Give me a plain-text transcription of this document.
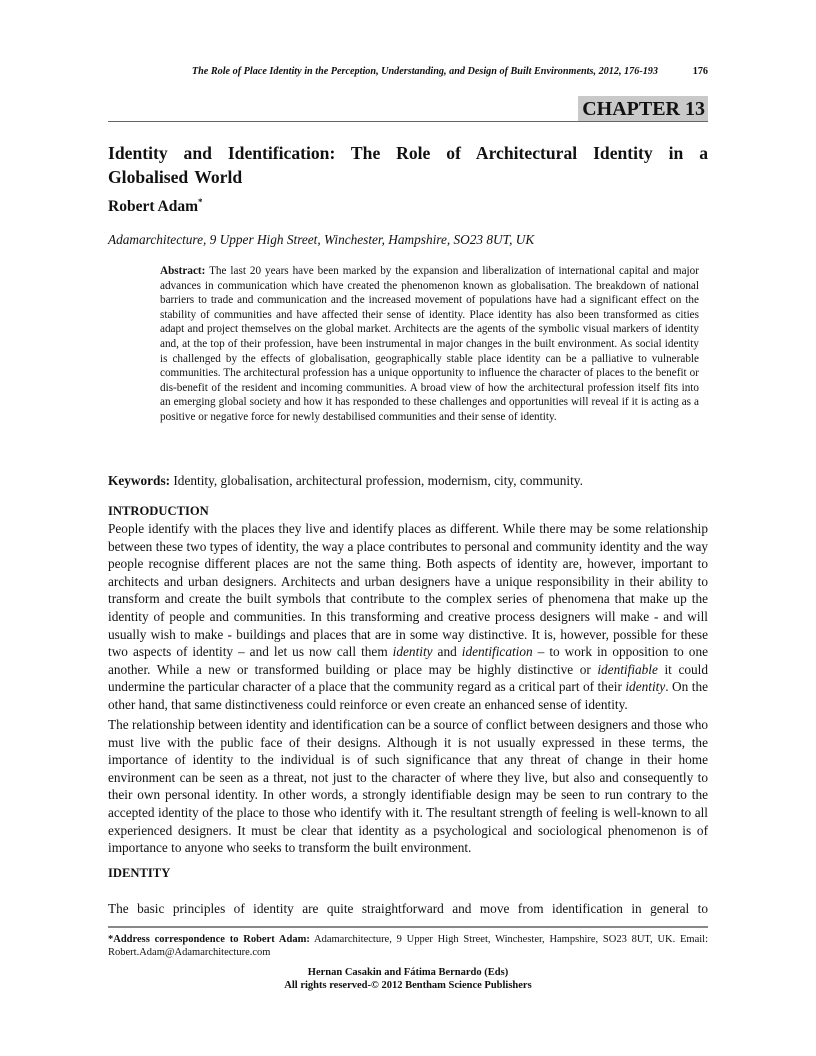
The Role of Place Identity in the Perception, Understanding, and Design of Built Environments, 2012, 176-193	176
CHAPTER 13
Identity and Identification: The Role of Architectural Identity in a Globalised World
Robert Adam*
Adamarchitecture, 9 Upper High Street, Winchester, Hampshire, SO23 8UT, UK
Abstract: The last 20 years have been marked by the expansion and liberalization of international capital and major advances in communication which have created the phenomenon known as globalisation. The breakdown of national barriers to trade and communication and the increased movement of populations have had a significant effect on the stability of communities and have affected their sense of identity. Place identity has also been transformed as cities adapt and project themselves on the global market. Architects are the agents of the symbolic visual markers of identity and, at the top of their profession, have been instrumental in major changes in the built environment. As social identity is challenged by the effects of globalisation, geographically stable place identity can be a palliative to vulnerable communities. The architectural profession has a unique opportunity to influence the character of places to the benefit or dis-benefit of the resident and incoming communities. A broad view of how the architectural profession itself fits into an emerging global society and how it has responded to these challenges and opportunities will reveal if it is acting as a positive or negative force for newly destabilised communities and their sense of identity.
Keywords: Identity, globalisation, architectural profession, modernism, city, community.
INTRODUCTION
People identify with the places they live and identify places as different. While there may be some relationship between these two types of identity, the way a place contributes to personal and community identity and the way people recognise different places are not the same thing. Both aspects of identity are, however, important to architects and urban designers. Architects and urban designers have a unique responsibility in their ability to transform and create the built symbols that contribute to the complex series of phenomena that make up the identity of people and communities. In this transforming and creative process designers will make - and will usually wish to make - buildings and places that are in some way distinctive. It is, however, possible for these two aspects of identity – and let us now call them identity and identification – to work in opposition to one another. While a new or transformed building or place may be highly distinctive or identifiable it could undermine the particular character of a place that the community regard as a critical part of their identity. On the other hand, that same distinctiveness could reinforce or even create an enhanced sense of identity.
The relationship between identity and identification can be a source of conflict between designers and those who must live with the public face of their designs. Although it is not usually expressed in these terms, the importance of identity to the individual is of such significance that any threat of change in their home environment can be seen as a threat, not just to the character of where they live, but also and consequently to their own personal identity. In other words, a strongly identifiable design may be seen to run contrary to the accepted identity of the place to those who identify with it. The resultant strength of feeling is well-known to all experienced designers. It must be clear that identity as a psychological and sociological phenomenon is of importance to anyone who seeks to transform the built environment.
IDENTITY
The basic principles of identity are quite straightforward and move from identification in general to
*Address correspondence to Robert Adam: Adamarchitecture, 9 Upper High Street, Winchester, Hampshire, SO23 8UT, UK. Email: Robert.Adam@Adamarchitecture.com
Hernan Casakin and Fátima Bernardo (Eds)
All rights reserved-© 2012 Bentham Science Publishers
